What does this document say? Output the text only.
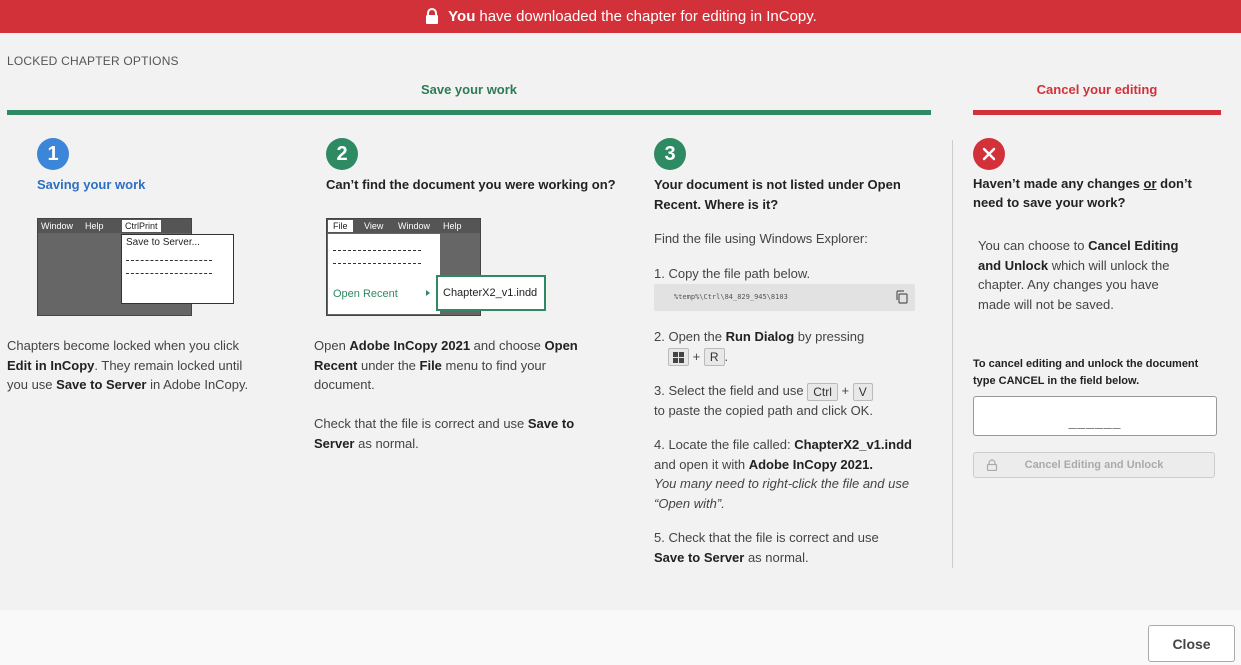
You have downloaded the chapter for editing in InCopy.
LOCKED CHAPTER OPTIONS
Save your work	Cancel your editing
1
Saving your work
Window Help	CtrlPrint
Save to Server...
Chapters become locked when you click Edit in InCopy. They remain locked until you use Save to Server in Adobe InCopy.
2
Can’t find the document you were working on?
File	View Window Help
Open Recent	ChapterX2_v1.indd
Open Adobe InCopy 2021 and choose Open Recent under the File menu to find your document.
Check that the file is correct and use Save to Server as normal.
3
Your document is not listed under Open Recent. Where is it?
Find the file using Windows Explorer:
1. Copy the file path below.
%temp%\Ctrl\84_829_945\8103
2. Open the Run Dialog by pressing
+ R .
3. Select the field and use Ctrl + V
to paste the copied path and click OK.
4. Locate the file called: ChapterX2_v1.indd
and open it with Adobe InCopy 2021.
You many need to right-click the file and use “Open with”.
5. Check that the file is correct and use
Save to Server as normal.
Haven’t made any changes or don’t need to save your work?
You can choose to Cancel Editing and Unlock which will unlock the chapter. Any changes you have made will not be saved.
To cancel editing and unlock the document type CANCEL in the field below.
______
Cancel Editing and Unlock
Close
